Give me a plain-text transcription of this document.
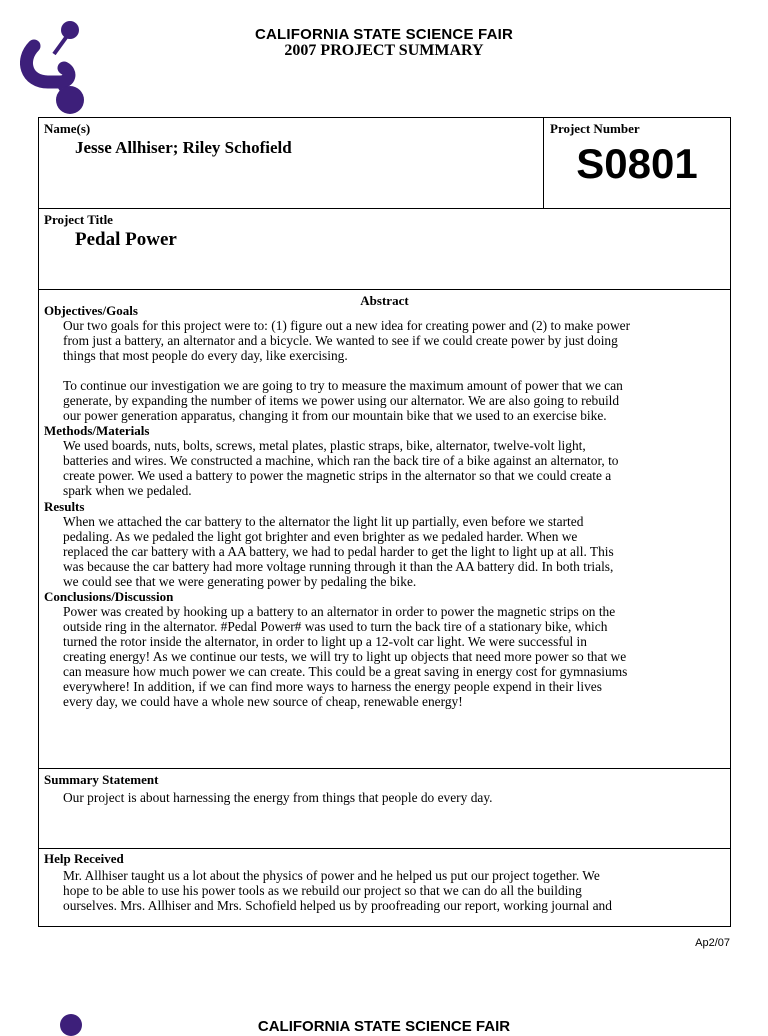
CALIFORNIA STATE SCIENCE FAIR
2007 PROJECT SUMMARY
Name(s)
Jesse Allhiser; Riley Schofield
Project Number
S0801
Project Title
Pedal Power
Abstract
Objectives/Goals
Our two goals for this project were to: (1) figure out a new idea for creating power and (2) to make power
from just a battery, an alternator and a bicycle. We wanted to see if we could create power by just doing
things that most people do every day, like exercising.
To continue our investigation we are going to try to measure the maximum amount of power that we can
generate, by expanding the number of items we power using our alternator. We are also going to rebuild
our power generation apparatus, changing it from our mountain bike that we used to an exercise bike.
Methods/Materials
We used boards, nuts, bolts, screws, metal plates, plastic straps, bike, alternator, twelve-volt light,
batteries and wires. We constructed a machine, which ran the back tire of a bike against an alternator, to
create power. We used a battery to power the magnetic strips in the alternator so that we could create a
spark when we pedaled.
Results
When we attached the car battery to the alternator the light lit up partially, even before we started
pedaling. As we pedaled the light got brighter and even brighter as we pedaled harder. When we
replaced the car battery with a AA battery, we had to pedal harder to get the light to light up at all. This
was because the car battery had more voltage running through it than the AA battery did. In both trials,
we could see that we were generating power by pedaling the bike.
Conclusions/Discussion
Power was created by hooking up a battery to an alternator in order to power the magnetic strips on the
outside ring in the alternator. #Pedal Power# was used to turn the back tire of a stationary bike, which
turned the rotor inside the alternator, in order to light up a 12-volt car light. We were successful in
creating energy! As we continue our tests, we will try to light up objects that need more power so that we
can measure how much power we can create. This could be a great saving in energy cost for gymnasiums
everywhere! In addition, if we can find more ways to harness the energy people expend in their lives
every day, we could have a whole new source of cheap, renewable energy!
Summary Statement
Our project is about harnessing the energy from things that people do every day.
Help Received
Mr. Allhiser taught us a lot about the physics of power and he helped us put our project together. We
hope to be able to use his power tools as we rebuild our project so that we can do all the building
ourselves. Mrs. Allhiser and Mrs. Schofield helped us by proofreading our report, working journal and
Ap2/07
CALIFORNIA STATE SCIENCE FAIR
